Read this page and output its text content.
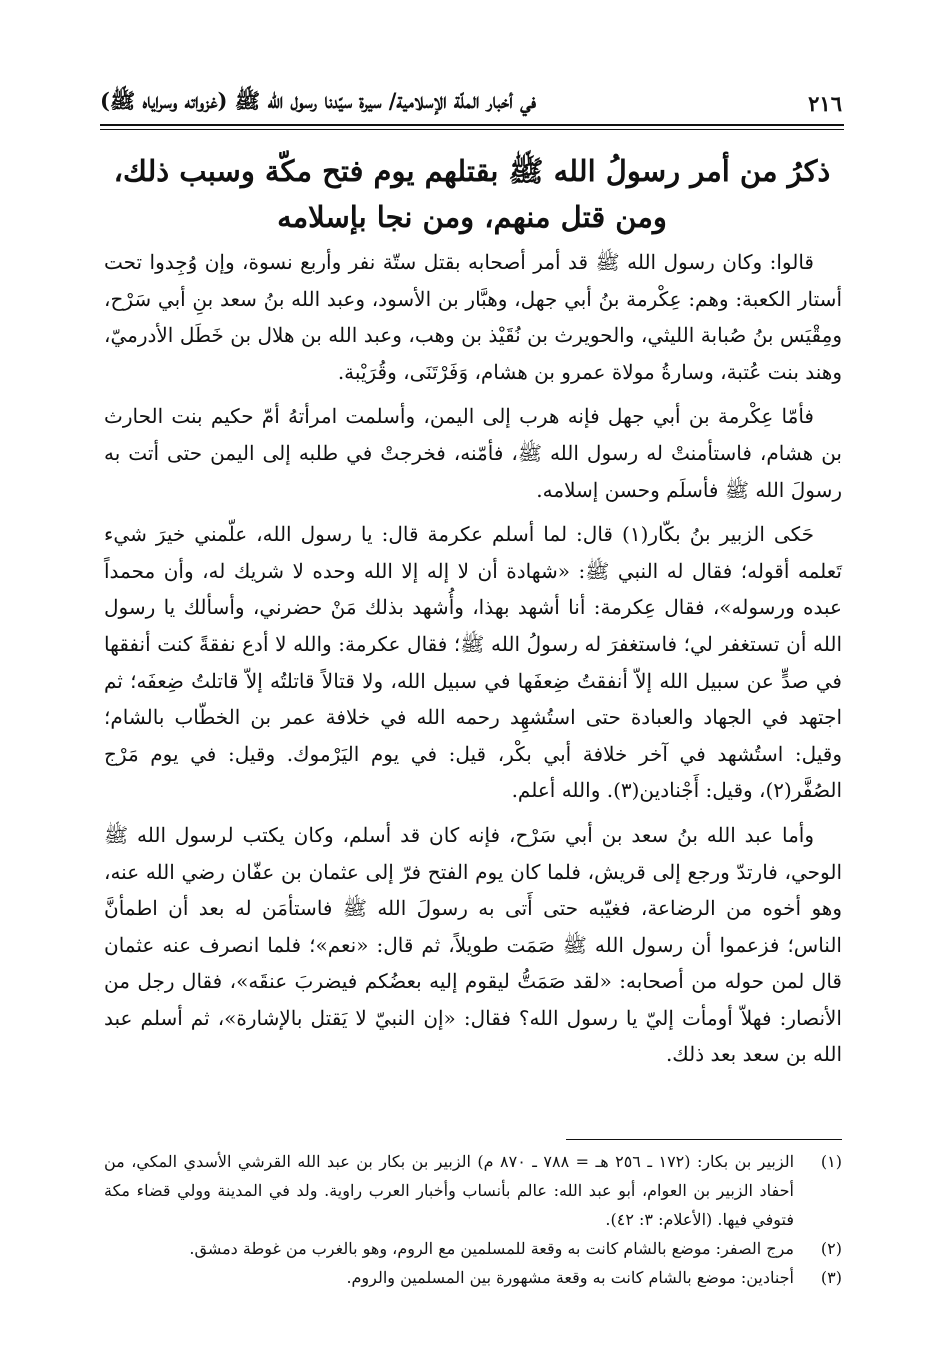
٢١٦
في أخبار الملّة الإسلامية/ سيرة سيّدنا رسول الله ﷺ (غزواته وسراياه ﷺ)
ذكرُ من أمر رسولُ الله ﷺ بقتلهم يوم فتح مكّة وسبب ذلك،
ومن قتل منهم، ومن نجا بإسلامه

قالوا: وكان رسول الله ﷺ قد أمر أصحابه بقتل ستّة نفر وأربع نسوة، وإن وُجِدوا تحت أستار الكعبة: وهم: عِكْرمة بنُ أبي جهل، وهبَّار بن الأسود، وعبد الله بنُ سعد بنِ أبي سَرْح، ومِقْيَس بنُ صُبابة الليثي، والحويرث بن نُقَيْذ بن وهب، وعبد الله بن هلال بن خَطَل الأدرميّ، وهند بنت عُتبة، وسارةُ مولاة عمرو بن هشام، وَفَرْتَنَى، وقُرَيْبة.

فأمّا عِكْرمة بن أبي جهل فإنه هرب إلى اليمن، وأسلمت امرأتهُ أمّ حكيم بنت الحارث بن هشام، فاستأمنتْ له رسول الله ﷺ، فأمّنه، فخرجتْ في طلبه إلى اليمن حتى أتت به رسولَ الله ﷺ فأسلَم وحسن إسلامه.

حَكى الزبير بنُ بكّار(١) قال: لما أسلم عكرمة قال: يا رسول الله، علّمني خيرَ شيء تَعلمه أقوله؛ فقال له النبي ﷺ: «شهادة أن لا إله إلا الله وحده لا شريك له، وأن محمداً عبده ورسوله»، فقال عِكرمة: أنا أشهد بهذا، وأُشهد بذلك مَنْ حضرني، وأسألك يا رسول الله أن تستغفر لي؛ فاستغفرَ له رسولُ الله ﷺ؛ فقال عكرمة: والله لا أدع نفقةً كنت أنفقها في صدٍّ عن سبيل الله إلاّ أنفقتُ ضِعفَها في سبيل الله، ولا قتالاً قاتلتُه إلاّ قاتلتُ ضِعفَه؛ ثم اجتهد في الجهاد والعبادة حتى استُشهِد رحمه الله في خلافة عمر بن الخطّاب بالشام؛ وقيل: استُشهد في آخر خلافة أبي بكْر، قيل: في يوم اليَرْموك. وقيل: في يوم مَرْج الصُفَّر(٢)، وقيل: أَجْنادين(٣). والله أعلم.

وأما عبد الله بنُ سعد بن أبي سَرْح، فإنه كان قد أسلم، وكان يكتب لرسول الله ﷺ الوحي، فارتدّ ورجع إلى قريش، فلما كان يوم الفتح فرّ إلى عثمان بن عفّان رضي الله عنه، وهو أخوه من الرضاعة، فغيّبه حتى أَتى به رسولَ الله ﷺ فاستأمَن له بعد أن اطمأنَّ الناس؛ فزعموا أن رسول الله ﷺ صَمَت طويلاً، ثم قال: «نعم»؛ فلما انصرف عنه عثمان قال لمن حوله من أصحابه: «لقد صَمَتُّ ليقوم إليه بعضُكم فيضربَ عنقَه»، فقال رجل من الأنصار: فهلاّ أومأت إليّ يا رسول الله؟ فقال: «إن النبيّ لا يَقتل بالإشارة»، ثم أسلم عبد الله بن سعد بعد ذلك.

(١)
الزبير بن بكار: (١٧٢ ـ ٢٥٦ هـ = ٧٨٨ ـ ٨٧٠ م) الزبير بن بكار بن عبد الله القرشي الأسدي المكي، من أحفاد الزبير بن العوام، أبو عبد الله: عالم بأنساب وأخبار العرب راوية. ولد في المدينة وولي قضاء مكة فتوفي فيها. (الأعلام: ٣: ٤٢).
(٢)
مرج الصفر: موضع بالشام كانت به وقعة للمسلمين مع الروم، وهو بالغرب من غوطة دمشق.
(٣)
أجنادين: موضع بالشام كانت به وقعة مشهورة بين المسلمين والروم.
